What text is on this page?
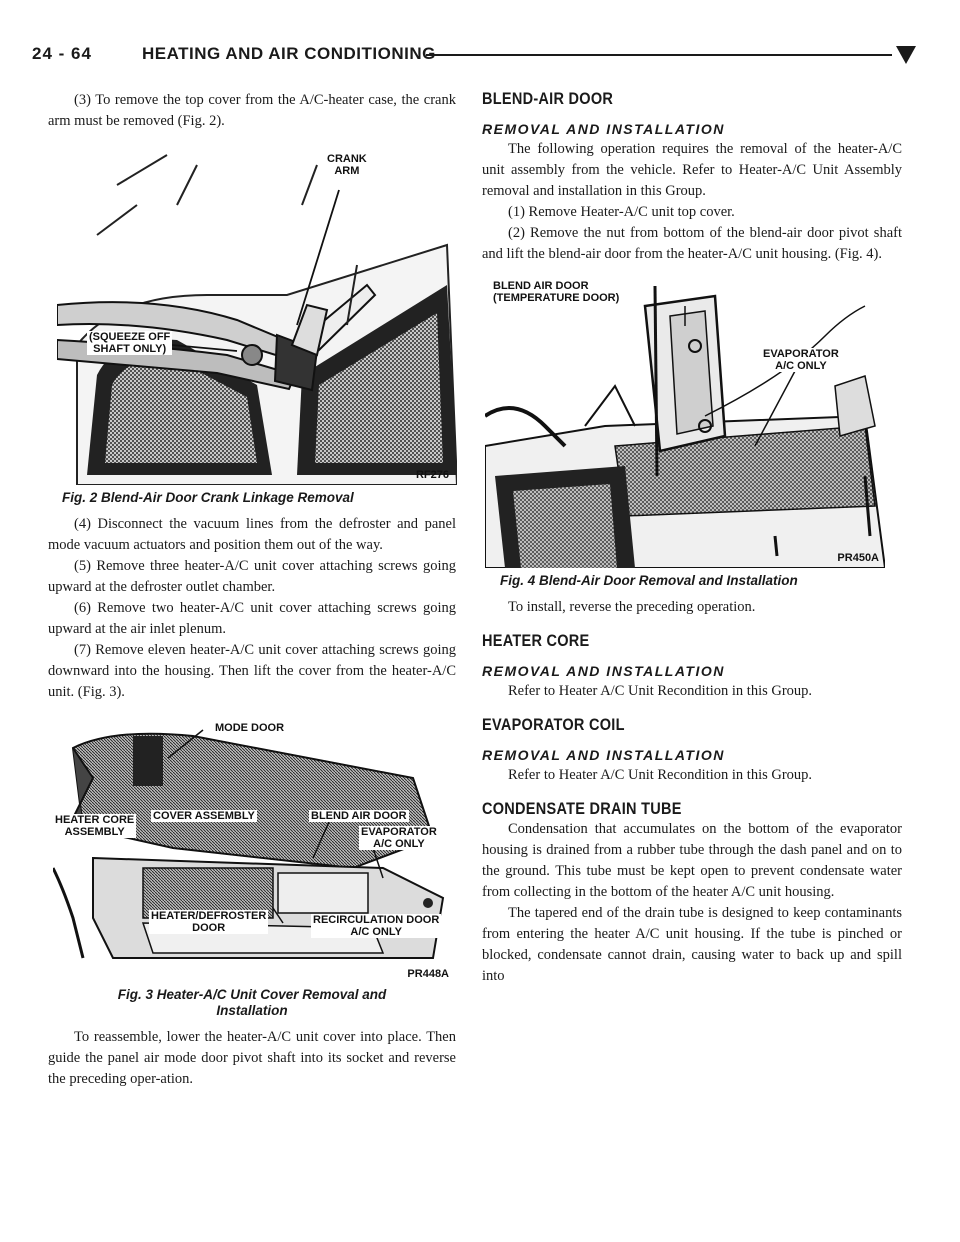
24 - 64	HEATING AND AIR CONDITIONING

(3) To remove the top cover from the A/C-heater case, the crank arm must be removed (Fig. 2).

CRANK
ARM
(SQUEEZE OFF
SHAFT ONLY)
RF276
Fig. 2 Blend-Air Door Crank Linkage Removal

(4) Disconnect the vacuum lines from the defroster and panel mode vacuum actuators and position them out of the way.

(5) Remove three heater-A/C unit cover attaching screws going upward at the defroster outlet chamber.

(6) Remove two heater-A/C unit cover attaching screws going upward at the air inlet plenum.

(7) Remove eleven heater-A/C unit cover attaching screws going downward into the housing. Then lift the cover from the heater-A/C unit. (Fig. 3).

MODE DOOR
HEATER CORE
ASSEMBLY
COVER ASSEMBLY	BLEND AIR DOOR
EVAPORATOR
A/C ONLY
HEATER/DEFROSTER
DOOR
RECIRCULATION DOOR
A/C ONLY
PR448A
Fig. 3 Heater-A/C Unit Cover Removal and
Installation

To reassemble, lower the heater-A/C unit cover into place. Then guide the panel air mode door pivot shaft into its socket and reverse the preceding oper-ation.

BLEND-AIR DOOR
REMOVAL AND INSTALLATION

The following operation requires the removal of the heater-A/C unit assembly from the vehicle. Refer to Heater-A/C Unit Assembly removal and installation in this Group.

(1) Remove Heater-A/C unit top cover.

(2) Remove the nut from bottom of the blend-air door pivot shaft and lift the blend-air door from the heater-A/C unit housing. (Fig. 4).

BLEND AIR DOOR
(TEMPERATURE DOOR)
EVAPORATOR
A/C ONLY
PR450A
Fig. 4 Blend-Air Door Removal and Installation

To install, reverse the preceding operation.

HEATER CORE
REMOVAL AND INSTALLATION

Refer to Heater A/C Unit Recondition in this Group.

EVAPORATOR COIL
REMOVAL AND INSTALLATION

Refer to Heater A/C Unit Recondition in this Group.

CONDENSATE DRAIN TUBE

Condensation that accumulates on the bottom of the evaporator housing is drained from a rubber tube through the dash panel and on to the ground. This tube must be kept open to prevent condensate water from collecting in the bottom of the heater A/C unit housing.

The tapered end of the drain tube is designed to keep contaminants from entering the heater A/C unit housing. If the tube is pinched or blocked, condensate cannot drain, causing water to back up and spill into
